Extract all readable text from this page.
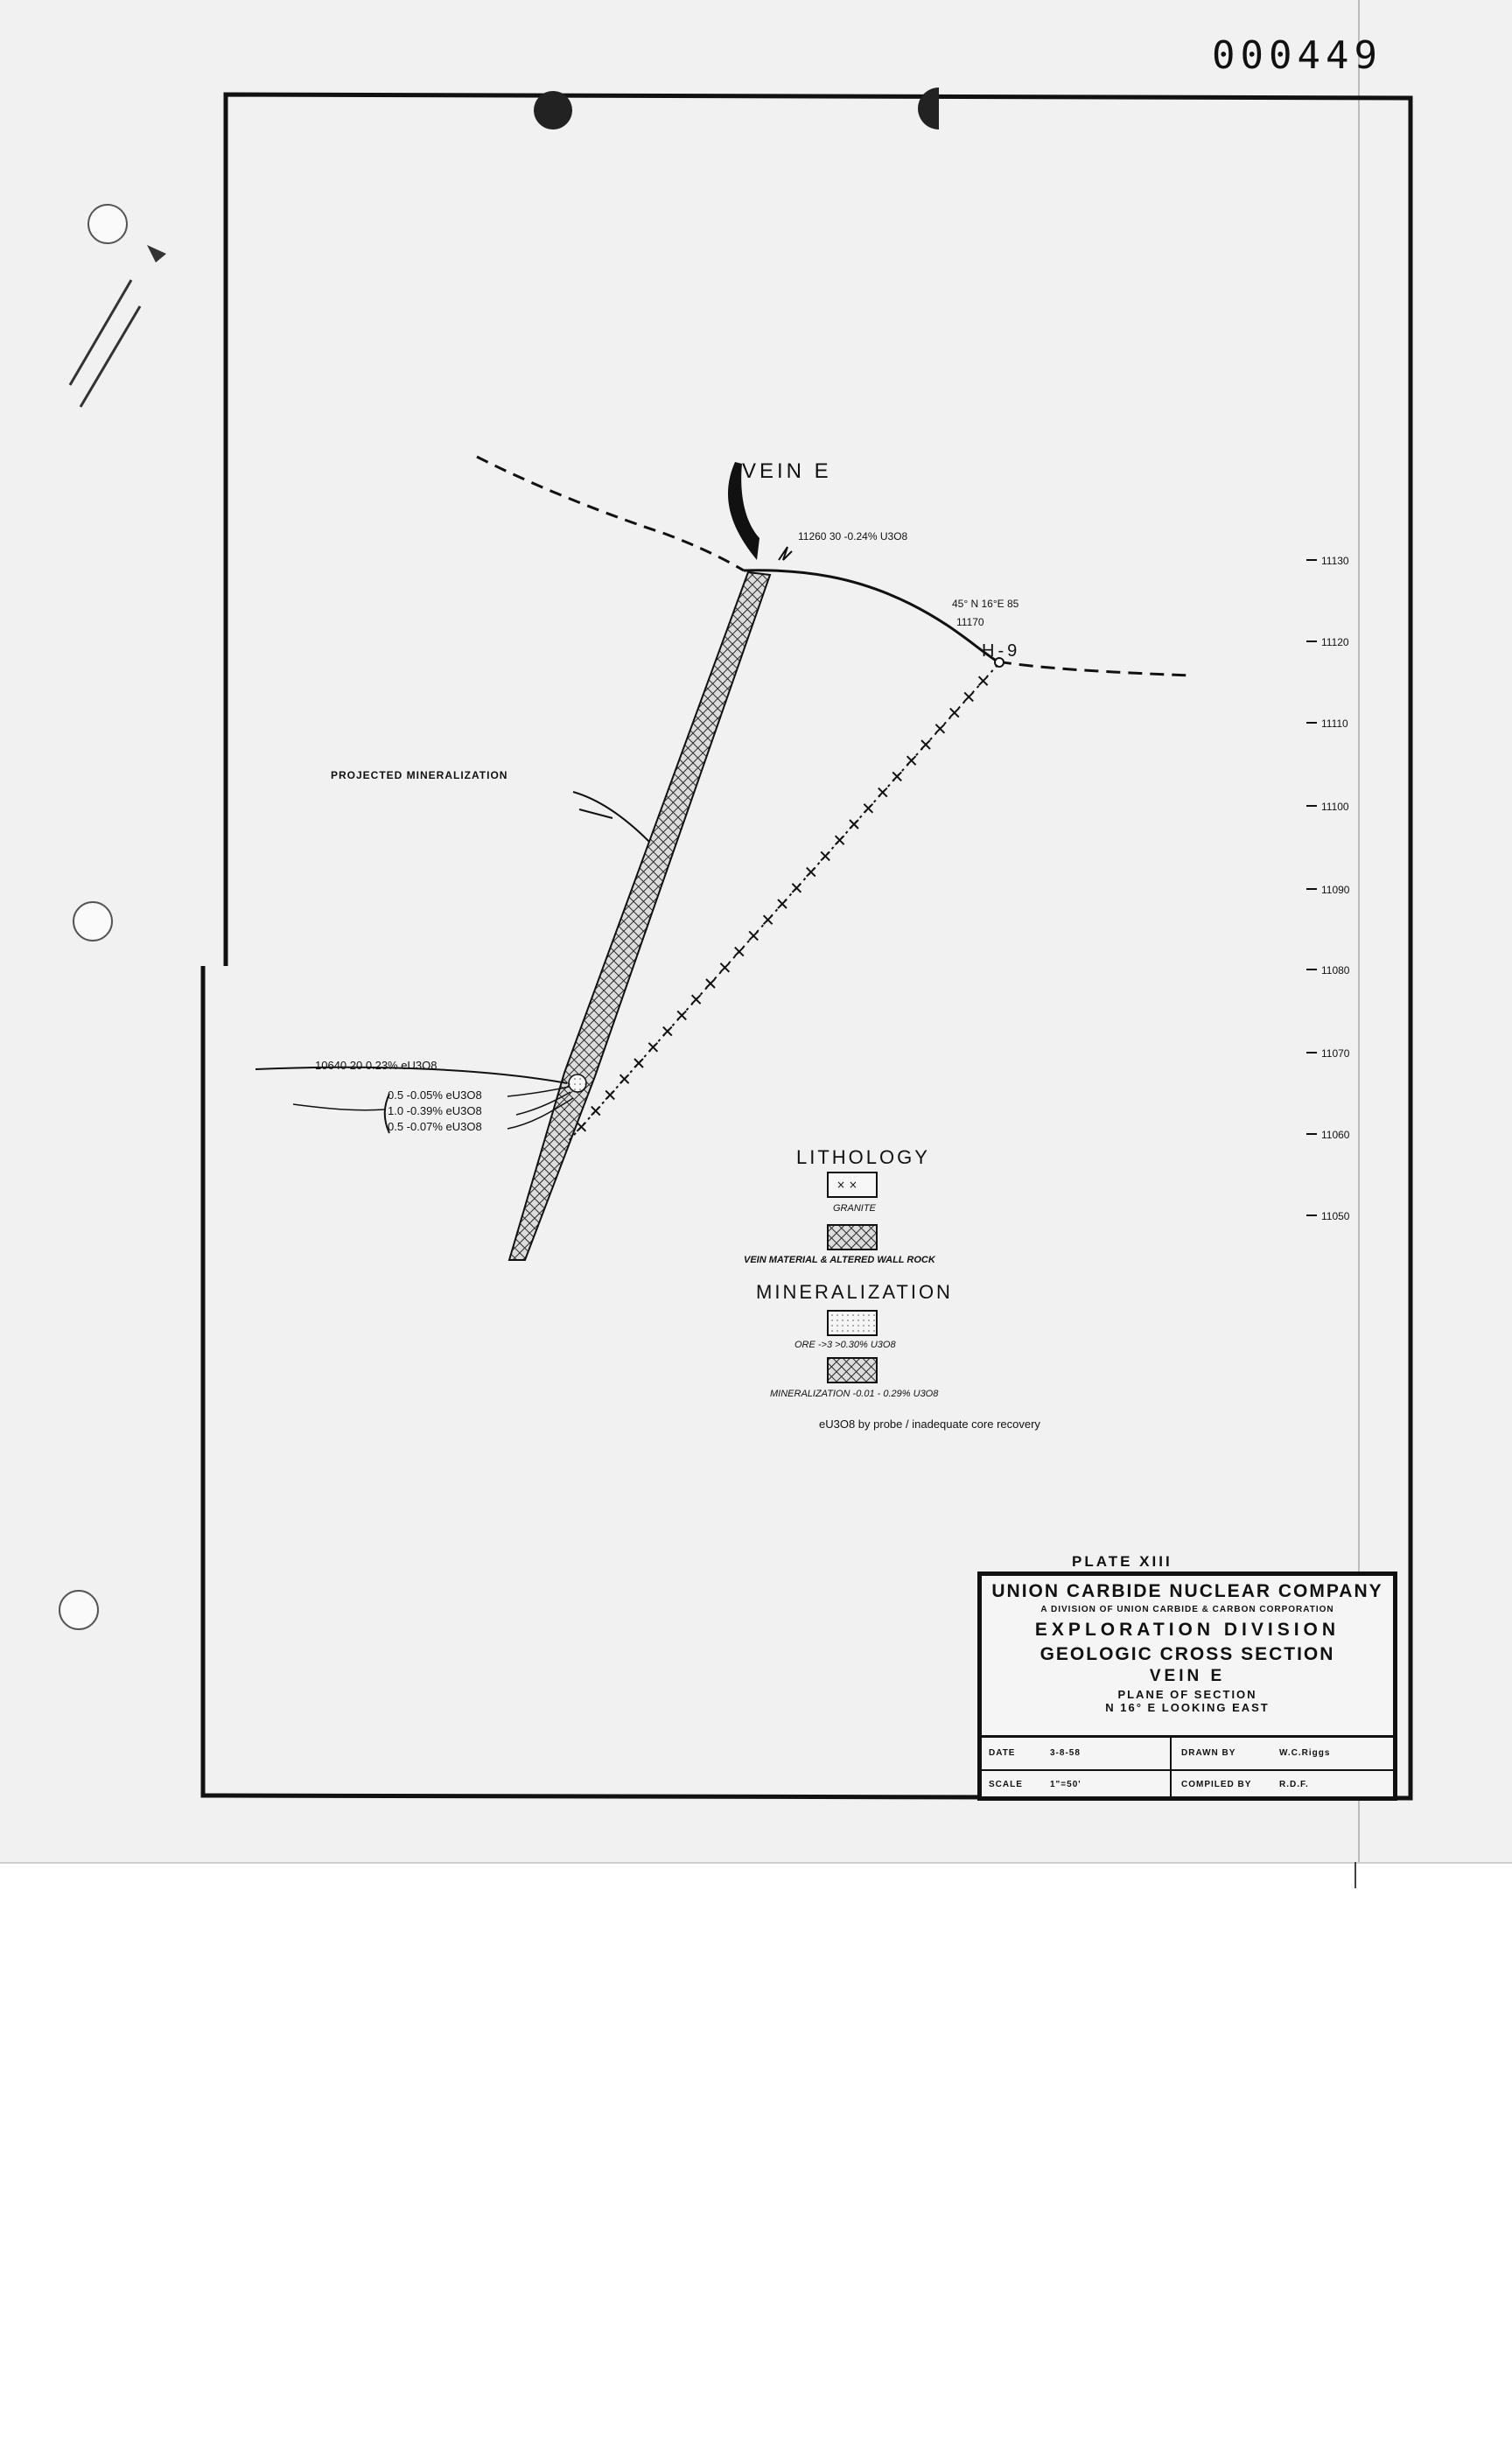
000449
VEIN E
11260 30 -0.24% U3O8
45° N 16°E 85
11170
H-9
PROJECTED MINERALIZATION
10640 20 0.23% eU3O8
0.5 -0.05% eU3O8
1.0 -0.39% eU3O8
0.5 -0.07% eU3O8
11130
11120
11110
11100
11090
11080
11070
11060
11050
LITHOLOGY
× ×
GRANITE
VEIN MATERIAL & ALTERED WALL ROCK
MINERALIZATION
ORE ->3 >0.30% U3O8
MINERALIZATION -0.01 - 0.29% U3O8
eU3O8 by probe / inadequate core recovery
PLATE XIII
UNION CARBIDE NUCLEAR COMPANY
A DIVISION OF UNION CARBIDE & CARBON CORPORATION
EXPLORATION DIVISION
GEOLOGIC CROSS SECTION
VEIN E
PLANE OF SECTION
N 16° E LOOKING EAST
DATE	3-8-58
SCALE	1"=50'
DRAWN BY	W.C.Riggs
COMPILED BY	R.D.F.
